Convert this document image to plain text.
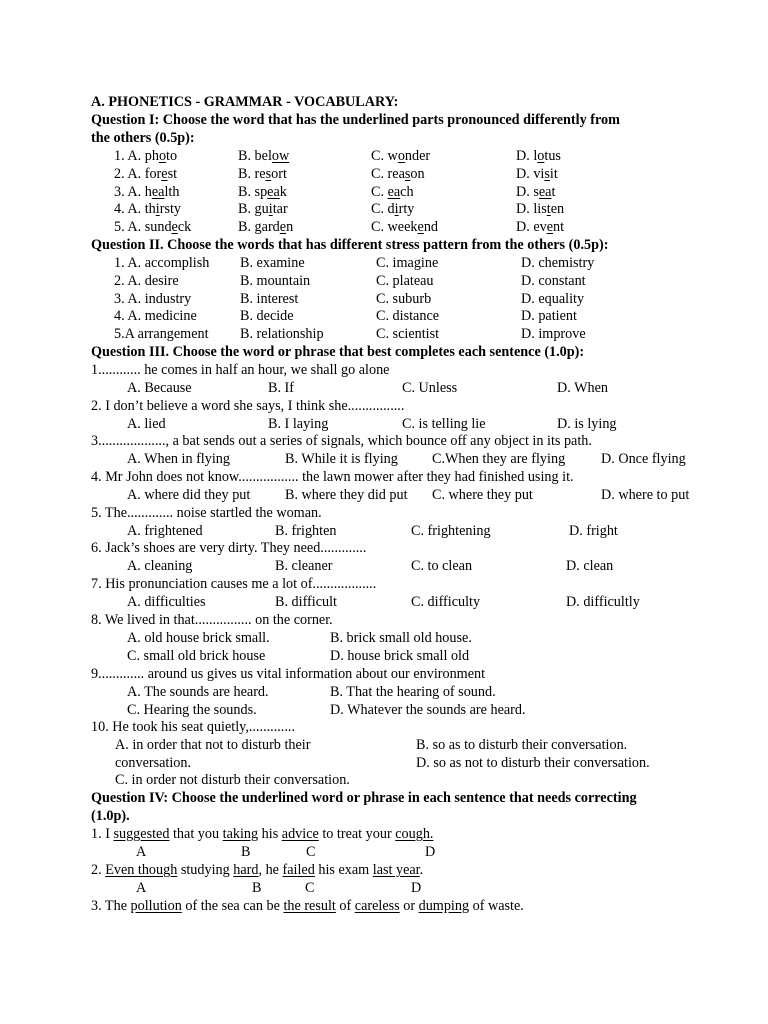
A. PHONETICS - GRAMMAR - VOCABULARY:
Question I: Choose the word that has the underlined parts pronounced differently from
the others (0.5p):
1. A. photo	B. below	C. wonder	D. lotus
2. A. forest	B. resort	C. reason	D. visit
3. A. health	B. speak	C. each	D. seat
4. A. thirsty	B. guitar	C. dirty	D. listen
5. A. sundeck	B. garden	C. weekend	D. event
Question II. Choose the words that has different stress pattern from the others (0.5p):
1. A. accomplish B. examine	C. imagine	D. chemistry
2. A. desire	B. mountain	C. plateau	D. constant
3. A. industry	B. interest	C. suburb	D. equality
4. A. medicine	B. decide	C. distance	D. patient
5.A arrangement B. relationship	C. scientist	D. improve
Question III. Choose the word or phrase that best completes each sentence (1.0p):
1............ he comes in half an hour, we shall go alone
A. Because	B. If	C. Unless	D. When
2. I don’t believe a word she says, I think she................
A. lied	B. I laying	C. is telling lie	D. is lying
3..................., a bat sends out a series of signals, which bounce off any object in its path.
A. When in flying	B. While it is flying C.When they are flying	D. Once flying
4. Mr John does not know................. the lawn mower after they had finished using it.
A. where did they put B. where they did put C. where they put	D. where to put
5. The............. noise startled the woman.
A. frightened	B. frighten	C. frightening	D. fright
6. Jack’s shoes are very dirty. They need.............
A. cleaning	B. cleaner	C. to clean	D. clean
7. His pronunciation causes me a lot of..................
A. difficulties	B. difficult	C. difficulty	D. difficultly
8. We lived in that................ on the corner.
A. old house brick small.	B. brick small old house.
C. small old brick house	D. house brick small old
9............. around us gives us vital information about our environment
A. The sounds are heard.	B. That the hearing of sound.
C. Hearing the sounds.	D. Whatever the sounds are heard.
10. He took his seat quietly,.............
A. in order that not to disturb their
conversation.
B. so as to disturb their conversation.
D. so as not to disturb their conversation.
C. in order not disturb their conversation.
Question IV: Choose the underlined word or phrase in each sentence that needs correcting
(1.0p).
1. I suggested that you taking his advice to treat your cough.
A	B	C	D
2. Even though studying hard, he failed his exam last year.
A	B	C	D
3. The pollution of the sea can be the result of careless or dumping of waste.
